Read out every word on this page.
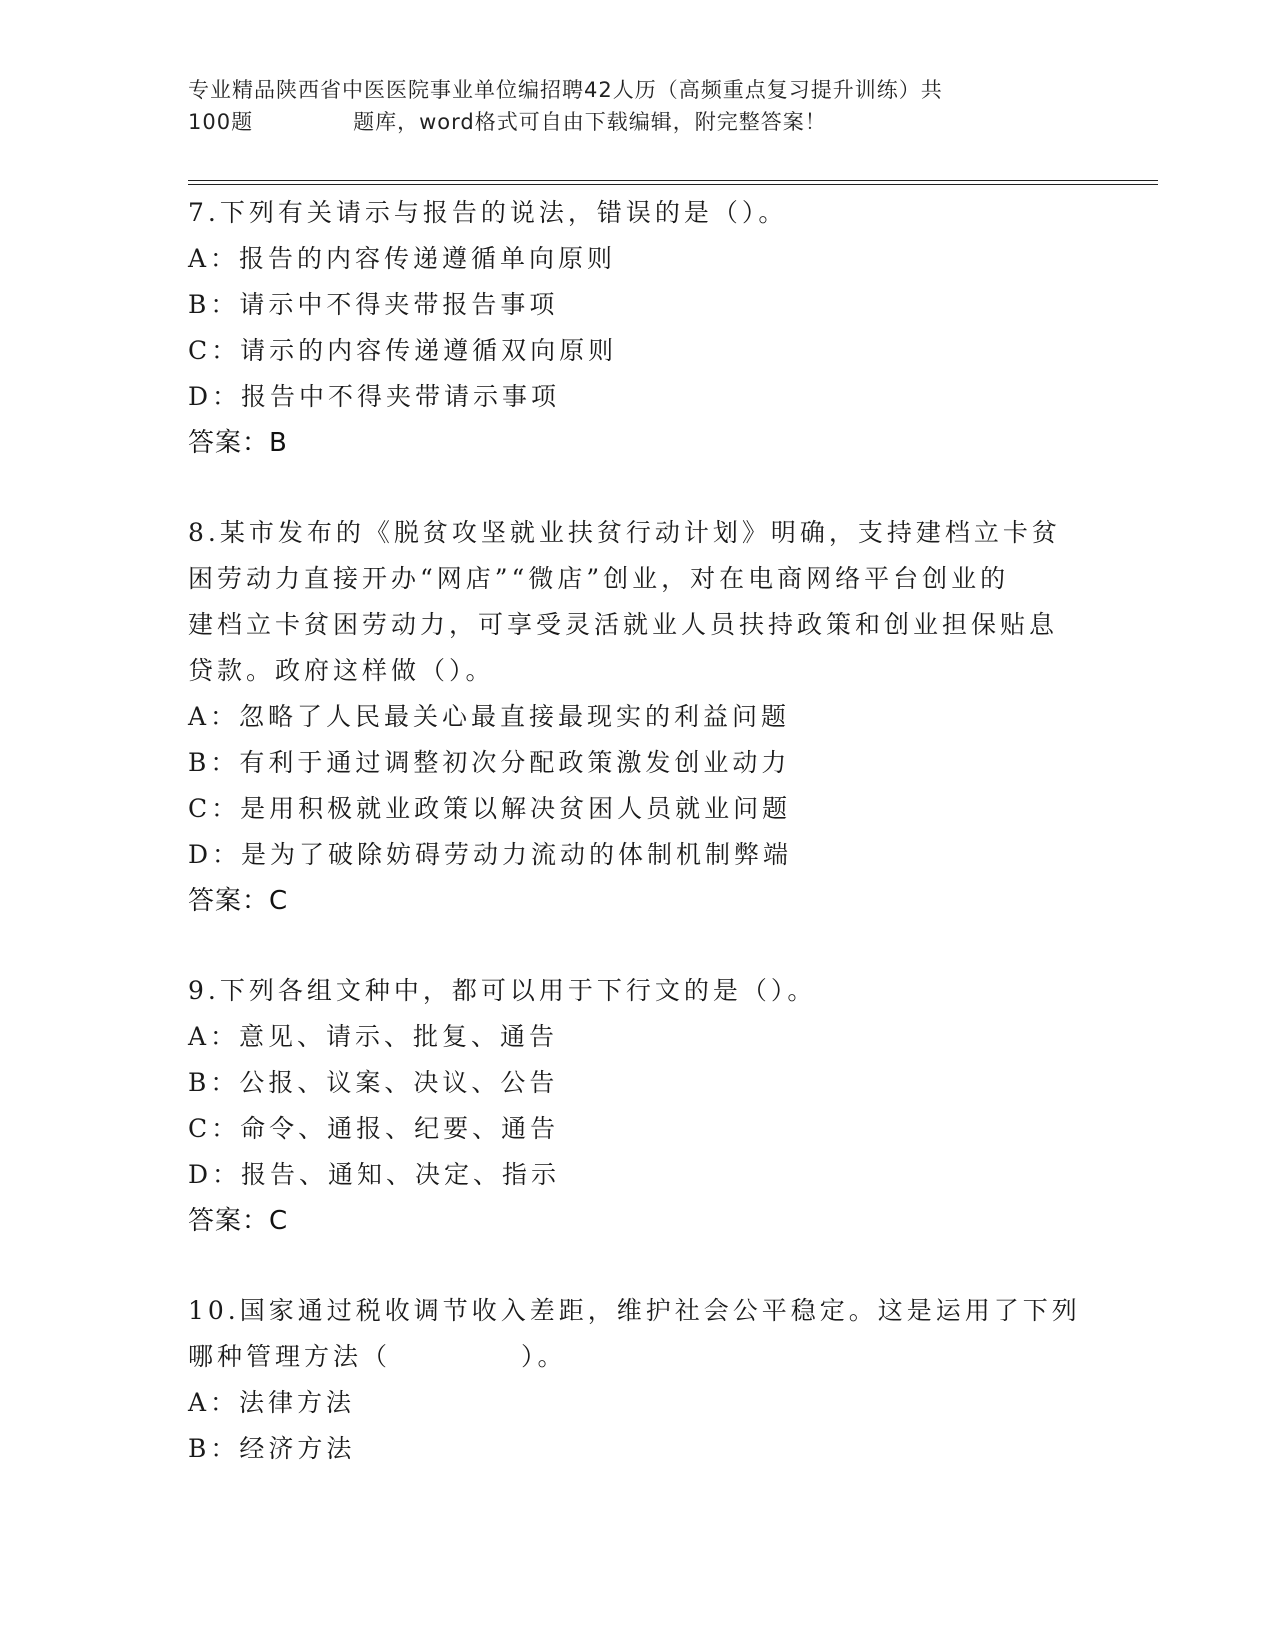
专业精品陕西省中医医院事业单位编招聘42人历（高频重点复习提升训练）共
100题	题库，word格式可自由下载编辑，附完整答案！
7.下列有关请示与报告的说法，错误的是（）。
A：报告的内容传递遵循单向原则
B：请示中不得夹带报告事项
C：请示的内容传递遵循双向原则
D：报告中不得夹带请示事项
答案：B
8.某市发布的《脱贫攻坚就业扶贫行动计划》明确，支持建档立卡贫
困劳动力直接开办“网店”“微店”创业，对在电商网络平台创业的
建档立卡贫困劳动力，可享受灵活就业人员扶持政策和创业担保贴息
贷款。政府这样做（）。
A：忽略了人民最关心最直接最现实的利益问题
B：有利于通过调整初次分配政策激发创业动力
C：是用积极就业政策以解决贫困人员就业问题
D：是为了破除妨碍劳动力流动的体制机制弊端
答案：C
9.下列各组文种中，都可以用于下行文的是（）。
A：意见、请示、批复、通告
B：公报、议案、决议、公告
C：命令、通报、纪要、通告
D：报告、通知、决定、指示
答案：C
10.国家通过税收调节收入差距，维护社会公平稳定。这是运用了下列
哪种管理方法（	）。
A：法律方法
B：经济方法
